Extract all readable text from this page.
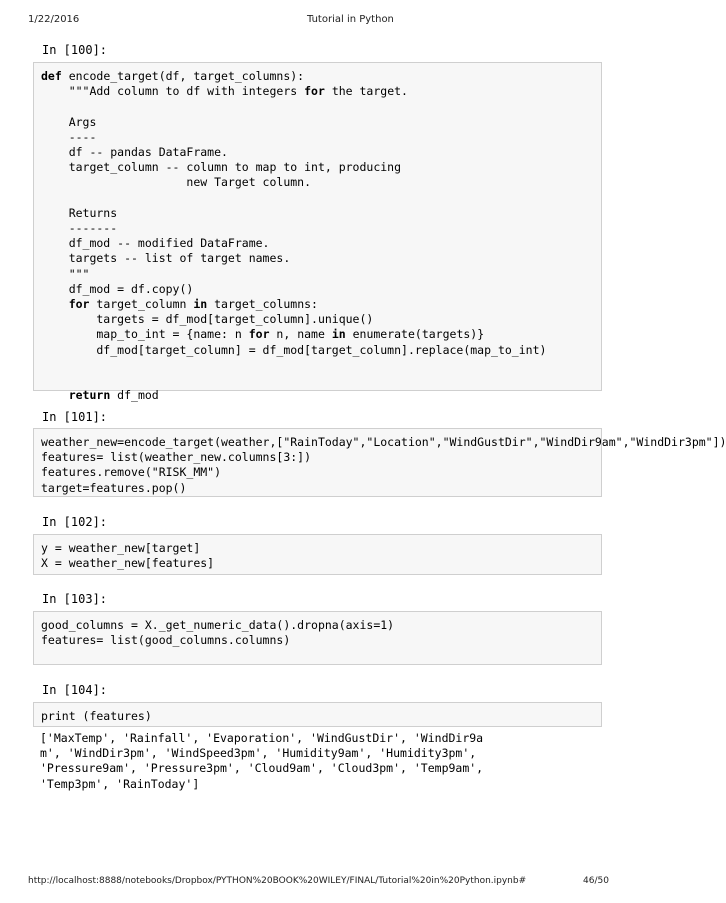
1/22/2016	Tutorial in Python
In [100]:
def encode_target(df, target_columns):
"""Add column to df with integers for the target.

Args
----
df -- pandas DataFrame.
target_column -- column to map to int, producing
new Target column.

Returns
-------
df_mod -- modified DataFrame.
targets -- list of target names.
"""
df_mod = df.copy()
for target_column in target_columns:
targets = df_mod[target_column].unique()
map_to_int = {name: n for n, name in enumerate(targets)}
df_mod[target_column] = df_mod[target_column].replace(map_to_int)

return df_mod
In [101]:
weather_new=encode_target(weather,["RainToday","Location","WindGustDir","WindDir9am","WindDir3pm"])
features= list(weather_new.columns[3:])
features.remove("RISK_MM")
target=features.pop()
In [102]:
y = weather_new[target]
X = weather_new[features]
In [103]:
good_columns = X._get_numeric_data().dropna(axis=1)
features= list(good_columns.columns)
In [104]:
print (features)
['MaxTemp', 'Rainfall', 'Evaporation', 'WindGustDir', 'WindDir9a
m', 'WindDir3pm', 'WindSpeed3pm', 'Humidity9am', 'Humidity3pm',
'Pressure9am', 'Pressure3pm', 'Cloud9am', 'Cloud3pm', 'Temp9am',
'Temp3pm', 'RainToday']
http://localhost:8888/notebooks/Dropbox/PYTHON%20BOOK%20WILEY/FINAL/Tutorial%20in%20Python.ipynb#	46/50
